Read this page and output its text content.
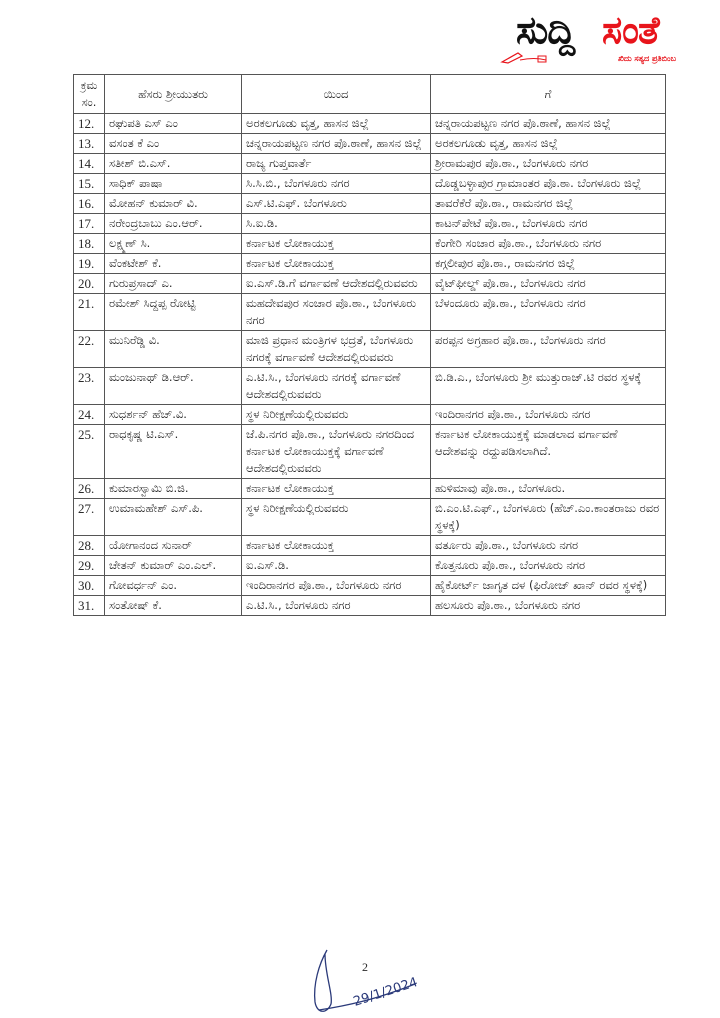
ಸುದ್ದಿ ಸಂತೆ
ಖಿದು ಸತ್ಯದ ಪ್ರತಿಬಿಂಬ
ಕ್ರಮ ಸಂ.	ಹೆಸರು ಶ್ರೀಯುತರು	ಯಿಂದ	ಗೆ
12.	ರಘುಪತಿ ಎಸ್ ಎಂ	ಅರಕಲಗೂಡು ವೃತ್ತ, ಹಾಸನ ಜಿಲ್ಲೆ	ಚನ್ನರಾಯಪಟ್ಟಣ ನಗರ ಪೊ.ಠಾಣೆ, ಹಾಸನ ಜಿಲ್ಲೆ
13.	ವಸಂತ ಕೆ ಎಂ	ಚನ್ನರಾಯಪಟ್ಟಣ ನಗರ ಪೊ.ಠಾಣೆ, ಹಾಸನ ಜಿಲ್ಲೆ	ಅರಕಲಗೂಡು ವೃತ್ತ, ಹಾಸನ ಜಿಲ್ಲೆ
14.	ಸತೀಶ್ ಬಿ.ಎಸ್.	ರಾಜ್ಯ ಗುಪ್ತವಾರ್ತೆ	ಶ್ರೀರಾಮಪುರ ಪೊ.ಠಾ., ಬೆಂಗಳೂರು ನಗರ
15.	ಸಾಧಿಕ್ ಪಾಷಾ	ಸಿ.ಸಿ.ಬಿ., ಬೆಂಗಳೂರು ನಗರ	ದೊಡ್ಡಬಳ್ಳಾಪುರ ಗ್ರಾಮಾಂತರ ಪೊ.ಠಾ. ಬೆಂಗಳೂರು ಜಿಲ್ಲೆ
16.	ಮೋಹನ್ ಕುಮಾರ್ ವಿ.	ಎಸ್.ಟಿ.ಎಫ್. ಬೆಂಗಳೂರು	ತಾವರೆಕೆರೆ ಪೊ.ಠಾ., ರಾಮನಗರ ಜಿಲ್ಲೆ
17.	ನರೇಂದ್ರಬಾಬು ಎಂ.ಆರ್.	ಸಿ.ಐ.ಡಿ.	ಕಾಟನ್‌ಪೇಟೆ ಪೊ.ಠಾ., ಬೆಂಗಳೂರು ನಗರ
18.	ಲಕ್ಷ್ಮಣ್ ಸಿ.	ಕರ್ನಾಟಕ ಲೋಕಾಯುಕ್ತ	ಕೆಂಗೇರಿ ಸಂಚಾರ ಪೊ.ಠಾ., ಬೆಂಗಳೂರು ನಗರ
19.	ವೆಂಕಟೇಶ್ ಕೆ.	ಕರ್ನಾಟಕ ಲೋಕಾಯುಕ್ತ	ಕಗ್ಗಲೀಪುರ ಪೊ.ಠಾ., ರಾಮನಗರ ಜಿಲ್ಲೆ
20.	ಗುರುಪ್ರಸಾದ್ ಎ.	ಐ.ಎಸ್.ಡಿ.ಗೆ ವರ್ಗಾವಣೆ ಆದೇಶದಲ್ಲಿರುವವರು	ವೈಟ್‌ಫೀಲ್ಡ್ ಪೊ.ಠಾ., ಬೆಂಗಳೂರು ನಗರ
21.	ರಮೇಶ್ ಸಿದ್ದಪ್ಪ ರೋಟ್ಟಿ	ಮಹದೇವಪುರ ಸಂಚಾರ ಪೊ.ಠಾ., ಬೆಂಗಳೂರು ನಗರ	ಬೆಳಂದೂರು ಪೊ.ಠಾ., ಬೆಂಗಳೂರು ನಗರ
22.	ಮುನಿರೆಡ್ಡಿ ವಿ.	ಮಾಜಿ ಪ್ರಧಾನ ಮಂತ್ರಿಗಳ ಭದ್ರತೆ, ಬೆಂಗಳೂರು ನಗರಕ್ಕೆ ವರ್ಗಾವಣೆ ಆದೇಶದಲ್ಲಿರುವವರು	ಪರಪ್ಪನ ಅಗ್ರಹಾರ ಪೊ.ಠಾ., ಬೆಂಗಳೂರು ನಗರ
23.	ಮಂಜುನಾಥ್ ಡಿ.ಆರ್.	ಎ.ಟಿ.ಸಿ., ಬೆಂಗಳೂರು ನಗರಕ್ಕೆ ವರ್ಗಾವಣೆ ಆದೇಶದಲ್ಲಿರುವವರು	ಬಿ.ಡಿ.ಎ., ಬೆಂಗಳೂರು ಶ್ರೀ ಮುತ್ತುರಾಜ್.ಟಿ ರವರ ಸ್ಥಳಕ್ಕೆ
24.	ಸುಧರ್ಶನ್ ಹೆಚ್.ವಿ.	ಸ್ಥಳ ನಿರೀಕ್ಷಣೆಯಲ್ಲಿರುವವರು	ಇಂದಿರಾನಗರ ಪೊ.ಠಾ., ಬೆಂಗಳೂರು ನಗರ
25.	ರಾಧಕೃಷ್ಣ ಟಿ.ಎಸ್.	ಜೆ.ಪಿ.ನಗರ ಪೊ.ಠಾ., ಬೆಂಗಳೂರು ನಗರದಿಂದ ಕರ್ನಾಟಕ ಲೋಕಾಯುಕ್ತಕ್ಕೆ ವರ್ಗಾವಣೆ ಆದೇಶದಲ್ಲಿರುವವರು	ಕರ್ನಾಟಕ ಲೋಕಾಯುಕ್ತಕ್ಕೆ ಮಾಡಲಾದ ವರ್ಗಾವಣೆ ಆದೇಶವನ್ನು ರದ್ದುಪಡಿಸಲಾಗಿದೆ.
26.	ಕುಮಾರಸ್ವಾಮಿ ಬಿ.ಜಿ.	ಕರ್ನಾಟಕ ಲೋಕಾಯುಕ್ತ	ಹುಳಿಮಾವು ಪೊ.ಠಾ., ಬೆಂಗಳೂರು.
27.	ಉಮಾಮಹೇಶ್ ಎಸ್.ಪಿ.	ಸ್ಥಳ ನಿರೀಕ್ಷಣೆಯಲ್ಲಿರುವವರು	ಬಿ.ಎಂ.ಟಿ.ಎಫ್., ಬೆಂಗಳೂರು (ಹೆಚ್.ಎಂ.ಕಾಂತರಾಜು ರವರ ಸ್ಥಳಕ್ಕೆ)
28.	ಯೋಗಾನಂದ ಸುನಾರ್	ಕರ್ನಾಟಕ ಲೋಕಾಯುಕ್ತ	ವರ್ತೂರು ಪೊ.ಠಾ., ಬೆಂಗಳೂರು ನಗರ
29.	ಚೇತನ್ ಕುಮಾರ್ ಎಂ.ಎಲ್.	ಐ.ಎಸ್.ಡಿ.	ಕೊತ್ತನೂರು ಪೊ.ಠಾ., ಬೆಂಗಳೂರು ನಗರ
30.	ಗೋವರ್ಧನ್ ಎಂ.	ಇಂದಿರಾನಗರ ಪೊ.ಠಾ., ಬೆಂಗಳೂರು ನಗರ	ಹೈಕೋರ್ಟ್ ಜಾಗೃತ ದಳ (ಫಿರೋಜ್ ಖಾನ್ ರವರ ಸ್ಥಳಕ್ಕೆ)
31.	ಸಂತೋಷ್ ಕೆ.	ಎ.ಟಿ.ಸಿ., ಬೆಂಗಳೂರು ನಗರ	ಹಲಸೂರು ಪೊ.ಠಾ., ಬೆಂಗಳೂರು ನಗರ
2
29/1/2024
